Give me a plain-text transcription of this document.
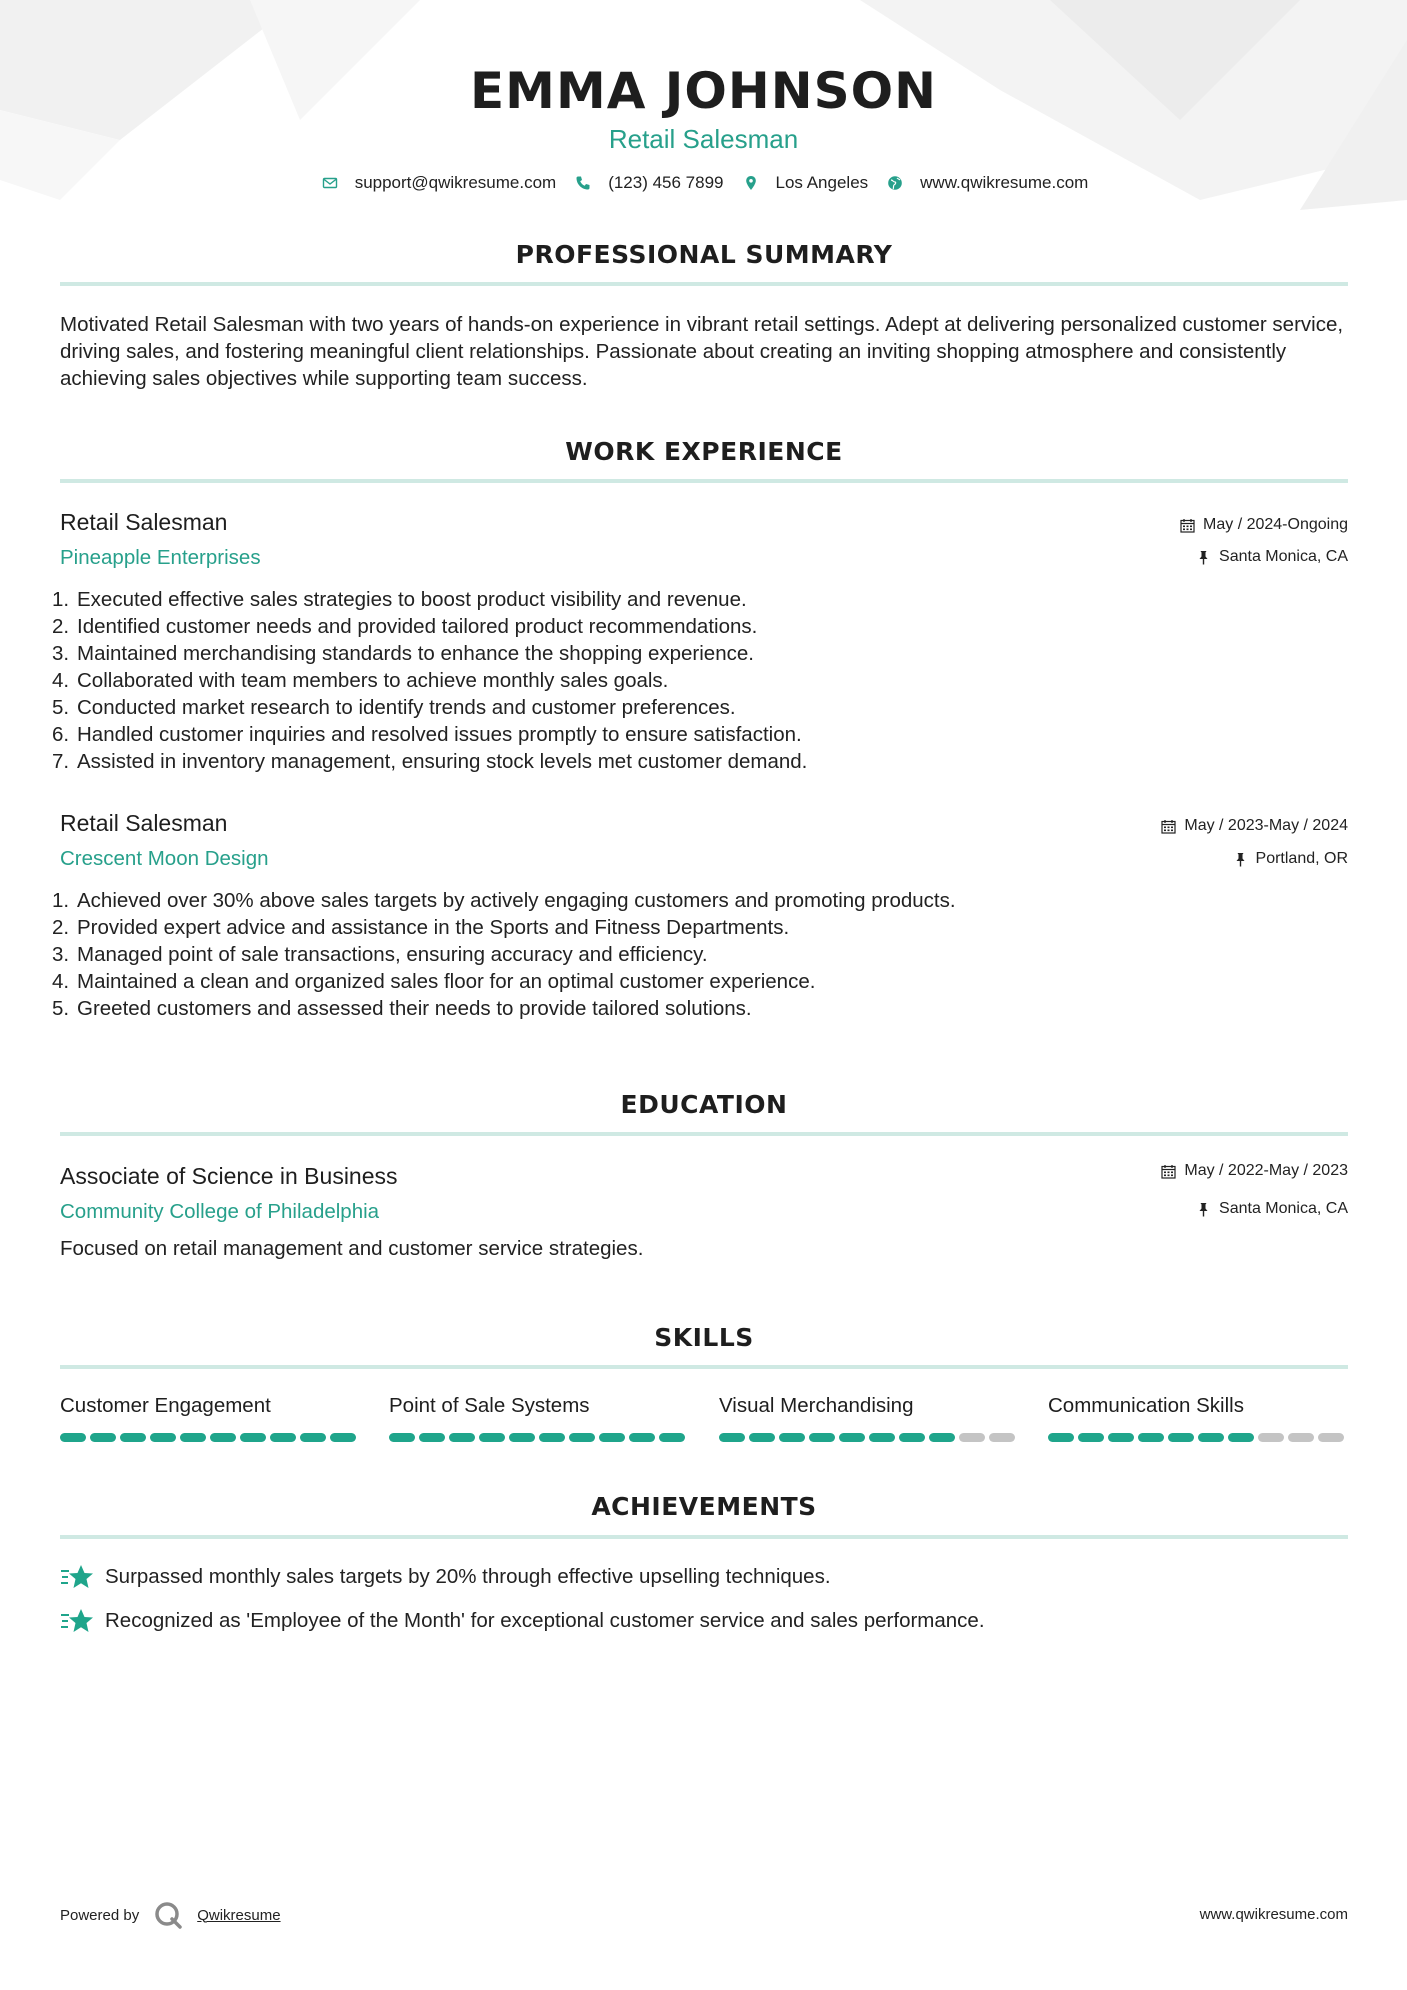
EMMA JOHNSON
Retail Salesman
support@qwikresume.com	(123) 456 7899	Los Angeles	www.qwikresume.com
PROFESSIONAL SUMMARY
Motivated Retail Salesman with two years of hands-on experience in vibrant retail settings. Adept at delivering personalized customer service, driving sales, and fostering meaningful client relationships. Passionate about creating an inviting shopping atmosphere and consistently achieving sales objectives while supporting team success.
WORK EXPERIENCE
Retail Salesman
Pineapple Enterprises
May / 2024-Ongoing
Santa Monica, CA
1. Executed effective sales strategies to boost product visibility and revenue.
2. Identified customer needs and provided tailored product recommendations.
3. Maintained merchandising standards to enhance the shopping experience.
4. Collaborated with team members to achieve monthly sales goals.
5. Conducted market research to identify trends and customer preferences.
6. Handled customer inquiries and resolved issues promptly to ensure satisfaction.
7. Assisted in inventory management, ensuring stock levels met customer demand.
Retail Salesman
Crescent Moon Design
May / 2023-May / 2024
Portland, OR
1. Achieved over 30% above sales targets by actively engaging customers and promoting products.
2. Provided expert advice and assistance in the Sports and Fitness Departments.
3. Managed point of sale transactions, ensuring accuracy and efficiency.
4. Maintained a clean and organized sales floor for an optimal customer experience.
5. Greeted customers and assessed their needs to provide tailored solutions.
EDUCATION
Associate of Science in Business
Community College of Philadelphia
May / 2022-May / 2023
Santa Monica, CA
Focused on retail management and customer service strategies.
SKILLS
Customer Engagement	Point of Sale Systems	Visual Merchandising	Communication Skills
ACHIEVEMENTS
Surpassed monthly sales targets by 20% through effective upselling techniques.
Recognized as 'Employee of the Month' for exceptional customer service and sales performance.
Powered by	Qwikresume	www.qwikresume.com
